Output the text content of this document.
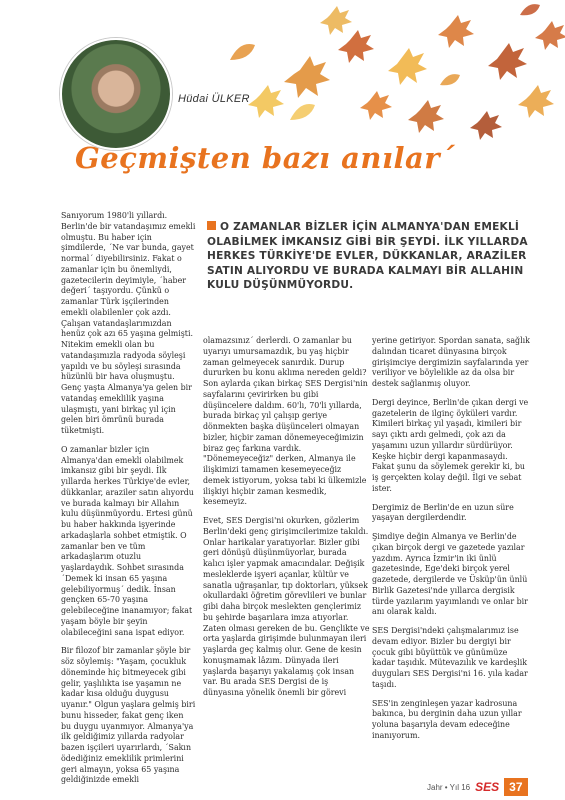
Hüdai ÜLKER
Geçmişten bazı anılar´
O ZAMANLAR BİZLER İÇİN ALMANYA'DAN EMEKLİ OLABİLMEK İMKANSIZ GİBİ BİR ŞEYDİ. İLK YILLARDA HERKES TÜRKİYE'DE EVLER, DÜKKANLAR, ARAZİLER SATIN ALIYORDU VE BURADA KALMAYI BİR ALLAHIN KULU DÜŞÜNMÜYORDU.

Sanıyorum 1980'li yıllardı. Berlin'de bir vatandaşımız emekli olmuştu. Bu haber için şimdilerde, ´Ne var bunda, gayet normal´ diyebilirsiniz. Fakat o zamanlar için bu önemliydi, gazetecilerin deyimiyle, ´haber değeri´ taşıyordu. Çünkü o zamanlar Türk işçilerinden emekli olabilenler çok azdı. Çalışan vatandaşlarımızdan henüz çok azı 65 yaşına gelmişti. Nitekim emekli olan bu vatandaşımızla radyoda söyleşi yapıldı ve bu söyleşi sırasında hüzünlü bir hava oluşmuştu. Genç yaşta Almanya'ya gelen bir vatandaş emeklilik yaşına ulaşmıştı, yani birkaç yıl için gelen biri ömrünü burada tüketmişti.

O zamanlar bizler için Almanya'dan emekli olabilmek imkansız gibi bir şeydi. İlk yıllarda herkes Türkiye'de evler, dükkanlar, araziler satın alıyordu ve burada kalmayı bir Allahın kulu düşünmüyordu. Ertesi günü bu haber hakkında işyerinde arkadaşlarla sohbet etmiştik. O zamanlar ben ve tüm arkadaşlarım otuzlu yaşlardaydık. Sohbet sırasında ´Demek ki insan 65 yaşına gelebiliyormuş´ dedik. İnsan gençken 65-70 yaşına gelebileceğine inanamıyor; fakat yaşam böyle bir şeyin olabileceğini sana ispat ediyor.

Bir filozof bir zamanlar şöyle bir söz söylemiş: "Yaşam, çocukluk döneminde hiç bitmeyecek gibi gelir, yaşlılıkta ise yaşamın ne kadar kısa olduğu duygusu uyanır." Olgun yaşlara gelmiş biri bunu hisseder, fakat genç iken bu duygu uyanmıyor. Almanya'ya ilk geldiğimiz yıllarda radyolar bazen işçileri uyarırlardı, ´Sakın ödediğiniz emeklilik primlerini geri almayın, yoksa 65 yaşına geldiğinizde emekli

olamazsınız´ derlerdi. O zamanlar bu uyarıyı umursamazdık, bu yaş hiçbir zaman gelmeyecek sanırdık. Durup dururken bu konu aklıma nereden geldi? Son aylarda çıkan birkaç SES Dergisi'nin sayfalarını çevirirken bu gibi düşüncelere daldım. 60'lı, 70'li yıllarda, burada birkaç yıl çalışıp geriye dönmekten başka düşünceleri olmayan bizler, hiçbir zaman dönemeyeceğimizin biraz geç farkına vardık. "Dönemeyeceğiz" derken, Almanya ile ilişkimizi tamamen kesemeyeceğiz demek istiyorum, yoksa tabi ki ülkemizle ilişkiyi hiçbir zaman kesmedik, kesemeyiz.

Evet, SES Dergisi'ni okurken, gözlerim Berlin'deki genç girişimcilerimize takıldı. Onlar harikalar yaratıyorlar. Bizler gibi geri dönüşü düşünmüyorlar, burada kalıcı işler yapmak amacındalar. Değişik mesleklerde işyeri açanlar, kültür ve sanatla uğraşanlar, tıp doktorları, yüksek okullardaki öğretim görevlileri ve bunlar gibi daha birçok meslekten gençlerimiz bu şehirde başarılara imza atıyorlar. Zaten olması gereken de bu. Gençlikte ve orta yaşlarda girişimde bulunmayan ileri yaşlarda geç kalmış olur. Gene de kesin konuşmamak lâzım. Dünyada ileri yaşlarda başarıyı yakalamış çok insan var. Bu arada SES Dergisi de iş dünyasına yönelik önemli bir görevi

yerine getiriyor. Spordan sanata, sağlık dalından ticaret dünyasına birçok girişimciye dergimizin sayfalarında yer veriliyor ve böylelikle az da olsa bir destek sağlanmış oluyor.

Dergi deyince, Berlin'de çıkan dergi ve gazetelerin de ilginç öyküleri vardır. Kimileri birkaç yıl yaşadı, kimileri bir sayı çıktı ardı gelmedi, çok azı da yaşamını uzun yıllardır sürdürüyor. Keşke hiçbir dergi kapanmasaydı. Fakat şunu da söylemek gerekir ki, bu iş gerçekten kolay değil. İlgi ve sebat ister.

Dergimiz de Berlin'de en uzun süre yaşayan dergilerdendir.

Şimdiye değin Almanya ve Berlin'de çıkan birçok dergi ve gazetede yazılar yazdım. Ayrıca İzmir'in iki ünlü gazetesinde, Ege'deki birçok yerel gazetede, dergilerde ve Üsküp'ün ünlü Birlik Gazetesi'nde yıllarca dergisik türde yazılarım yayımlandı ve onlar bir anı olarak kaldı.

SES Dergisi'ndeki çalışmalarımız ise devam ediyor. Bizler bu dergiyi bir çocuk gibi büyüttük ve günümüze kadar taşıdık. Mütevazılık ve kardeşlik duyguları SES Dergisi'ni 16. yıla kadar taşıdı.

SES'in zenginleşen yazar kadrosuna bakınca, bu derginin daha uzun yıllar yoluna başarıyla devam edeceğine inanıyorum.

Jahr • Yıl 16 SES 37
